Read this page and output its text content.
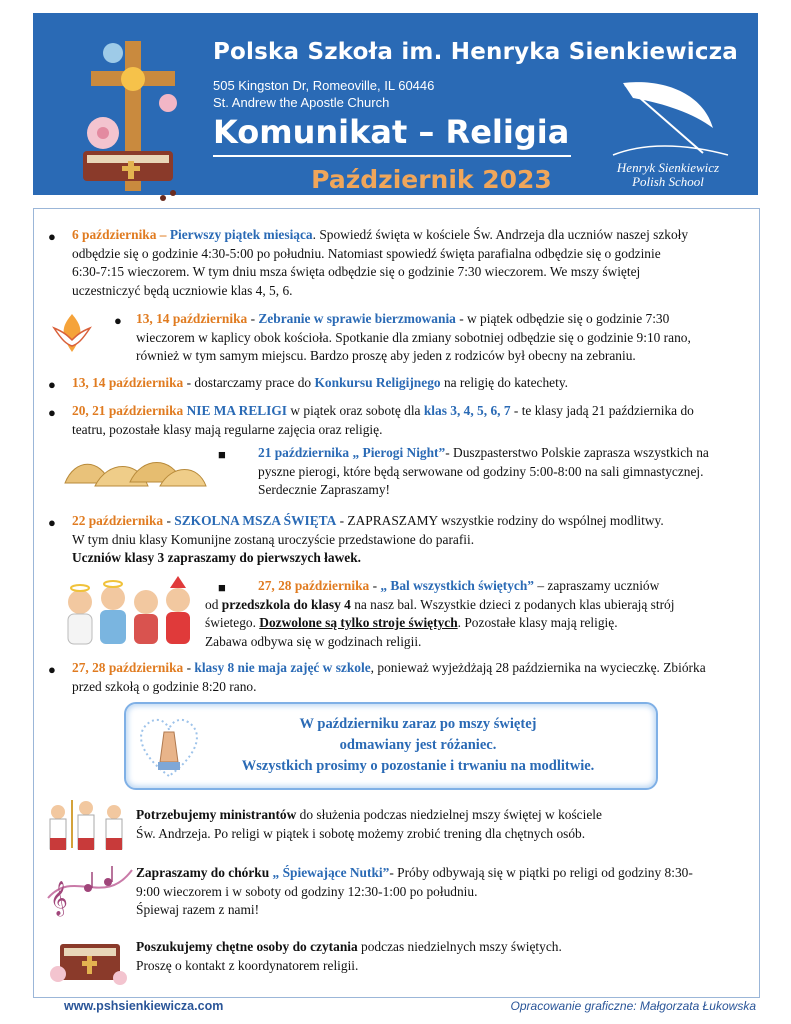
Polska Szkoła im. Henryka Sienkiewicza
505 Kingston Dr, Romeoville, IL 60446
St. Andrew the Apostle Church
Komunikat – Religia
Październik 2023	Henryk Sienkiewicz
Polish School
● 6 października – Pierwszy piątek miesiąca. Spowiedź święta w kościele Św. Andrzeja dla uczniów naszej szkoły
odbędzie się o godzinie 4:30-5:00 po południu. Natomiast spowiedź święta parafialna odbędzie się o godzinie
6:30-7:15 wieczorem. W tym dniu msza święta odbędzie się o godzinie 7:30 wieczorem. We mszy świętej
uczestniczyć będą uczniowie klas 4, 5, 6.
● 13, 14 października - Zebranie w sprawie bierzmowania - w piątek odbędzie się o godzinie 7:30
wieczorem w kaplicy obok kościoła. Spotkanie dla zmiany sobotniej odbędzie się o godzinie 9:10 rano,
również w tym samym miejscu. Bardzo proszę aby jeden z rodziców był obecny na zebraniu.
● 13, 14 października - dostarczamy prace do Konkursu Religijnego na religię do katechety.
● 20, 21 października NIE MA RELIGI w piątek oraz sobotę dla klas 3, 4, 5, 6, 7 - te klasy jadą 21 października do
teatru, pozostałe klasy mają regularne zajęcia oraz religię.
■ 21 października „ Pierogi Night”- Duszpasterstwo Polskie zaprasza wszystkich na
pyszne pierogi, które będą serwowane od godziny 5:00-8:00 na sali gimnastycznej.
Serdecznie Zapraszamy!
● 22 października - SZKOLNA MSZA ŚWIĘTA - ZAPRASZAMY wszystkie rodziny do wspólnej modlitwy.
W tym dniu klasy Komunijne zostaną uroczyście przedstawione do parafii.
Uczniów klasy 3 zapraszamy do pierwszych ławek.
■	27, 28 października - „ Bal wszystkich świętych” – zapraszamy uczniów
od przedszkola do klasy 4 na nasz bal. Wszystkie dzieci z podanych klas ubierają strój
świetego. Dozwolone są tylko stroje świętych. Pozostałe klasy mają religię.
Zabawa odbywa się w godzinach religii.
● 27, 28 października - klasy 8 nie maja zajęć w szkole, ponieważ wyjeżdżają 28 października na wycieczkę. Zbiórka
przed szkołą o godzinie 8:20 rano.
W październiku zaraz po mszy świętej
odmawiany jest różaniec.
Wszystkich prosimy o pozostanie i trwaniu na modlitwie.
Potrzebujemy ministrantów do służenia podczas niedzielnej mszy świętej w kościele
Św. Andrzeja. Po religi w piątek i sobotę możemy zrobić trening dla chętnych osób.
𝄞
Zapraszamy do chórku „ Śpiewające Nutki”- Próby odbywają się w piątki po religi od godziny 8:30-
9:00 wieczorem i w soboty od godziny 12:30-1:00 po południu.
Śpiewaj razem z nami!
Poszukujemy chętne osoby do czytania podczas niedzielnych mszy świętych.
Proszę o kontakt z koordynatorem religii.
www.pshsienkiewicza.com	Opracowanie graficzne: Małgorzata Łukowska
